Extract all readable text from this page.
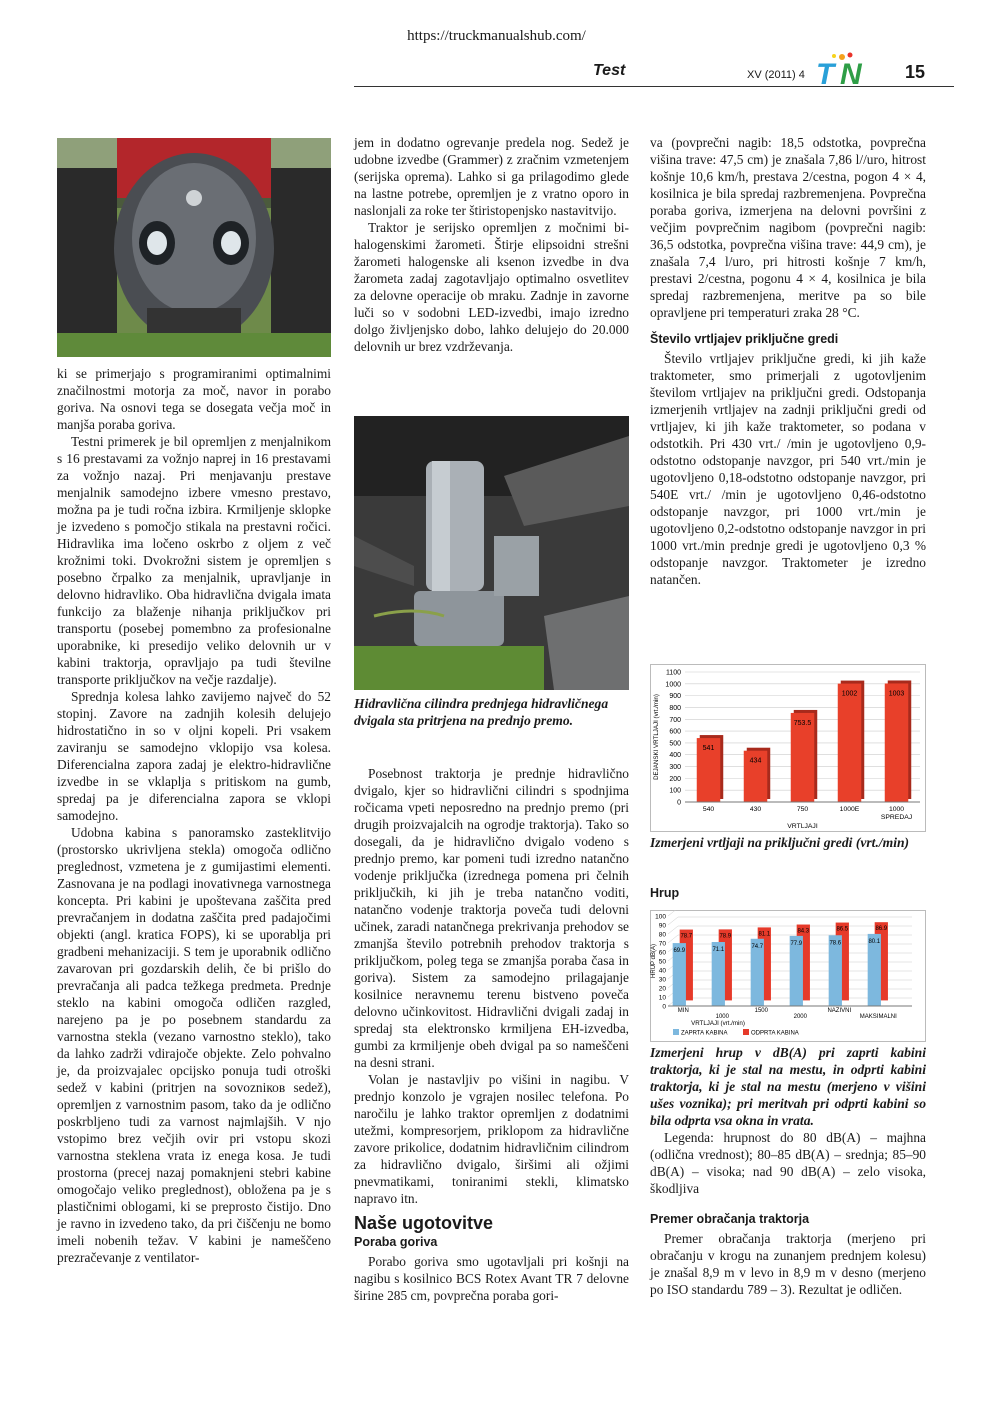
https://truckmanualshub.com/
Test	XV (2011) 4 T N 15
Hidravlična cilindra prednjega hidravličnega dvigala sta pritrjena na prednjo premo.

ki se primerjajo s programiranimi optimalnimi značilnostmi motorja za moč, navor in porabo goriva. Na osnovi tega se dosegata večja moč in manjša poraba goriva.

Testni primerek je bil opremljen z menjalnikom s 16 prestavami za vožnjo naprej in 16 prestavami za vožnjo nazaj. Pri menjavanju prestave menjalnik samodejno izbere vmesno prestavo, možna pa je tudi ročna izbira. Krmiljenje sklopke je izvedeno s pomočjo stikala na prestavni ročici. Hidravlika ima ločeno oskrbo z oljem z več krožnimi toki. Dvokrožni sistem je opremljen s posebno črpalko za menjalnik, upravljanje in delovno hidravliko. Oba hidravlična dvigala imata funkcijo za blaženje nihanja priključkov pri transportu (posebej pomembno za profesionalne uporabnike, ki presedijo veliko delovnih ur v kabini traktorja, opravljajo pa tudi številne transporte priključkov na večje razdalje).

Sprednja kolesa lahko zavijemo največ do 52 stopinj. Zavore na zadnjih kolesih delujejo hidrostatično in so v oljni kopeli. Pri vsakem zaviranju se samodejno vklopijo vsa kolesa. Diferencialna zapora zadaj je elektro-hidravlične izvedbe in se vklaplja s pritiskom na gumb, spredaj pa je diferencialna zapora se vklopi samodejno.

Udobna kabina s panoramsko zasteklitvijo (prostorsko ukrivljena stekla) omogoča odlično preglednost, vzmetena je z gumijastimi elementi. Zasnovana je na podlagi inovativnega varnostnega koncepta. Pri kabini je upoštevana zaščita pred prevračanjem in dodatna zaščita pred padajočimi objekti (angl. kratica FOPS), ki se uporablja pri gradbeni mehanizaciji. S tem je uporabnik odlično zavarovan pri gozdarskih delih, če bi prišlo do prevračanja ali padca težkega predmeta. Prednje steklo na kabini omogoča odličen razgled, narejeno pa je po posebnem standardu za varnostna stekla (vezano varnostno steklo), tako da lahko zadrži vdirajoče objekte. Zelo pohvalno je, da proizvajalec opcijsko ponuja tudi otroški sedež v kabini (pritrjen na sovozniков sedež), opremljen z varnostnim pasom, tako da je odlično poskrbljeno tudi za varnost najmlajših. V njo vstopimo brez večjih ovir pri vstopu skozi varnostna steklena vrata iz enega kosa. Je tudi prostorna (precej nazaj pomaknjeni stebri kabine omogočajo veliko preglednost), obložena pa je s plastičnimi oblogami, ki se preprosto čistijo. Dno je ravno in izvedeno tako, da pri čiščenju ne bomo imeli nobenih težav. V kabini je nameščeno prezračevanje z ventilator-

jem in dodatno ogrevanje predela nog. Sedež je udobne izvedbe (Grammer) z zračnim vzmetenjem (serijska oprema). Lahko si ga prilagodimo glede na lastne potrebe, opremljen je z vratno oporo in naslonjali za roke ter štiristopenjsko nastavitvijo.

Traktor je serijsko opremljen z močnimi bi-halogenskimi žarometi. Štirje elipsoidni strešni žarometi halogenske ali ksenon izvedbe in dva žarometa zadaj zagotavljajo optimalno osvetlitev za delovne operacije ob mraku. Zadnje in zavorne luči so v sodobni LED-izvedbi, imajo izredno dolgo življenjsko dobo, lahko delujejo do 20.000 delovnih ur brez vzdrževanja.

Posebnost traktorja je prednje hidravlično dvigalo, kjer so hidravlični cilindri s spodnjima ročicama vpeti neposredno na prednjo premo (pri drugih proizvajalcih na ogrodje traktorja). Tako so dosegali, da je hidravlično dvigalo vodeno s prednjo premo, kar pomeni tudi izredno natančno vodenje priključka (izrednega pomena pri čelnih priključkih, ki jih je treba natančno voditi, natančno vodenje traktorja poveča tudi delovni učinek, zaradi natančnega prekrivanja prehodov se zmanjša število potrebnih prehodov traktorja s priključkom, poleg tega se zmanjša poraba časa in goriva). Sistem za samodejno prilagajanje kosilnice neravnemu terenu bistveno poveča delovno učinkovitost. Hidravlični dvigali zadaj in spredaj sta elektronsko krmiljena EH-izvedba, gumbi za krmiljenje obeh dvigal pa so nameščeni na desni strani.

Volan je nastavljiv po višini in nagibu. V prednjo konzolo je vgrajen nosilec telefona. Po naročilu je lahko traktor opremljen z dodatnimi utežmi, kompresorjem, priklopom za hidravlične zavore prikolice, dodatnim hidravličnim cilindrom za hidravlično dvigalo, širšimi ali ožjimi pnevmatikami, toniranimi stekli, klimatsko napravo itn.

Naše ugotovitve
Poraba goriva

Porabo goriva smo ugotavljali pri košnji na nagibu s kosilnico BCS Rotex Avant TR 7 delovne širine 285 cm, povprečna poraba gori-

va (povprečni nagib: 18,5 odstotka, povprečna višina trave: 47,5 cm) je znašala 7,86 l//uro, hitrost košnje 10,6 km/h, prestava 2/cestna, pogon 4 × 4, kosilnica je bila spredaj razbremenjena. Povprečna poraba goriva, izmerjena na delovni površini z večjim povprečnim nagibom (povprečni nagib: 36,5 odstotka, povprečna višina trave: 44,9 cm), je znašala 7,4 l/uro, pri hitrosti košnje 7 km/h, prestavi 2/cestna, pogonu 4 × 4, kosilnica je bila spredaj razbremenjena, meritve pa so bile opravljene pri temperaturi zraka 28 °C.

Število vrtljajev priključne gredi

Število vrtljajev priključne gredi, ki jih kaže traktometer, smo primerjali z ugotovljenim številom vrtljajev na priključni gredi. Odstopanja izmerjenih vrtljajev na zadnji priključni gredi od vrtljajev, ki jih kaže traktometer, so podana v odstotkih. Pri 430 vrt./ /min je ugotovljeno 0,9-odstotno odstopanje navzgor, pri 540 vrt./min je ugotovljeno 0,18-odstotno odstopanje navzgor, pri 540E vrt./ /min je ugotovljeno 0,46-odstotno odstopanje navzgor, pri 1000 vrt./min je ugotovljeno 0,2-odstotno odstopanje navzgor in pri 1000 vrt./min prednje gredi je ugotovljeno 0,3 % odstopanje navzgor. Traktometer je izredno natančen.

0
100
200
300
400
500
600
700
800
900
1000
1100
DEJANSKI VRTLJAJI (vrt./min)	541
540
434
430
753.5
750
1002
1000E
1003
1000
SPREDAJ
VRTLJAJI
Izmerjeni vrtljaji na priključni gredi (vrt./min)
Hrup
0
10
20
30
40
50
60
70
80
90
100
HRUP dB(A)
78.7
69.9
MIN
78.9
71.1
1000
81.1
74.7
1500
84.3
77.9
2000
86.5
78.6
NAZIVNI
86.9
80.1
MAKSIMALNI
VRTLJAJI (vrt./min)
ZAPRTA KABINA	ODPRTA KABINA

Izmerjeni hrup v dB(A) pri zaprti kabini traktorja, ki je stal na mestu, in odprti kabini traktorja, ki je stal na mestu (merjeno v višini ušes voznika); pri meritvah pri odprti kabini so bila odprta vsa okna in vrata.

Legenda: hrupnost do 80 dB(A) – majhna (odlična vrednost); 80–85 dB(A) – srednja; 85–90 dB(A) – visoka; nad 90 dB(A) – zelo visoka, škodljiva

Premer obračanja traktorja

Premer obračanja traktorja (merjeno pri obračanju v krogu na zunanjem prednjem kolesu) je znašal 8,9 m v levo in 8,9 m v desno (merjeno po ISO standardu 789 – 3). Rezultat je odličen.
